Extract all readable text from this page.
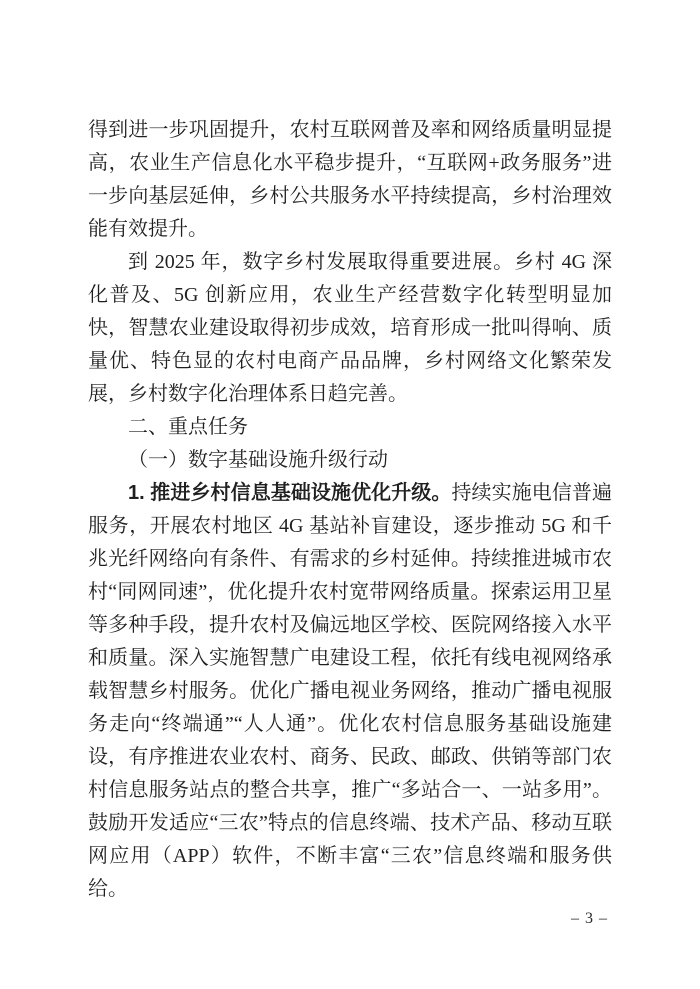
得到进一步巩固提升，农村互联网普及率和网络质量明显提高，农业生产信息化水平稳步提升，“互联网+政务服务”进一步向基层延伸，乡村公共服务水平持续提高，乡村治理效能有效提升。

到 2025 年，数字乡村发展取得重要进展。乡村 4G 深化普及、5G 创新应用，农业生产经营数字化转型明显加快，智慧农业建设取得初步成效，培育形成一批叫得响、质量优、特色显的农村电商产品品牌，乡村网络文化繁荣发展，乡村数字化治理体系日趋完善。

二、重点任务
（一）数字基础设施升级行动

1. 推进乡村信息基础设施优化升级。持续实施电信普遍服务，开展农村地区 4G 基站补盲建设，逐步推动 5G 和千兆光纤网络向有条件、有需求的乡村延伸。持续推进城市农村“同网同速”，优化提升农村宽带网络质量。探索运用卫星等多种手段，提升农村及偏远地区学校、医院网络接入水平和质量。深入实施智慧广电建设工程，依托有线电视网络承载智慧乡村服务。优化广播电视业务网络，推动广播电视服务走向“终端通”“人人通”。优化农村信息服务基础设施建设，有序推进农业农村、商务、民政、邮政、供销等部门农村信息服务站点的整合共享，推广“多站合一、一站多用”。鼓励开发适应“三农”特点的信息终端、技术产品、移动互联网应用（APP）软件，不断丰富“三农”信息终端和服务供给。

– 3 –
